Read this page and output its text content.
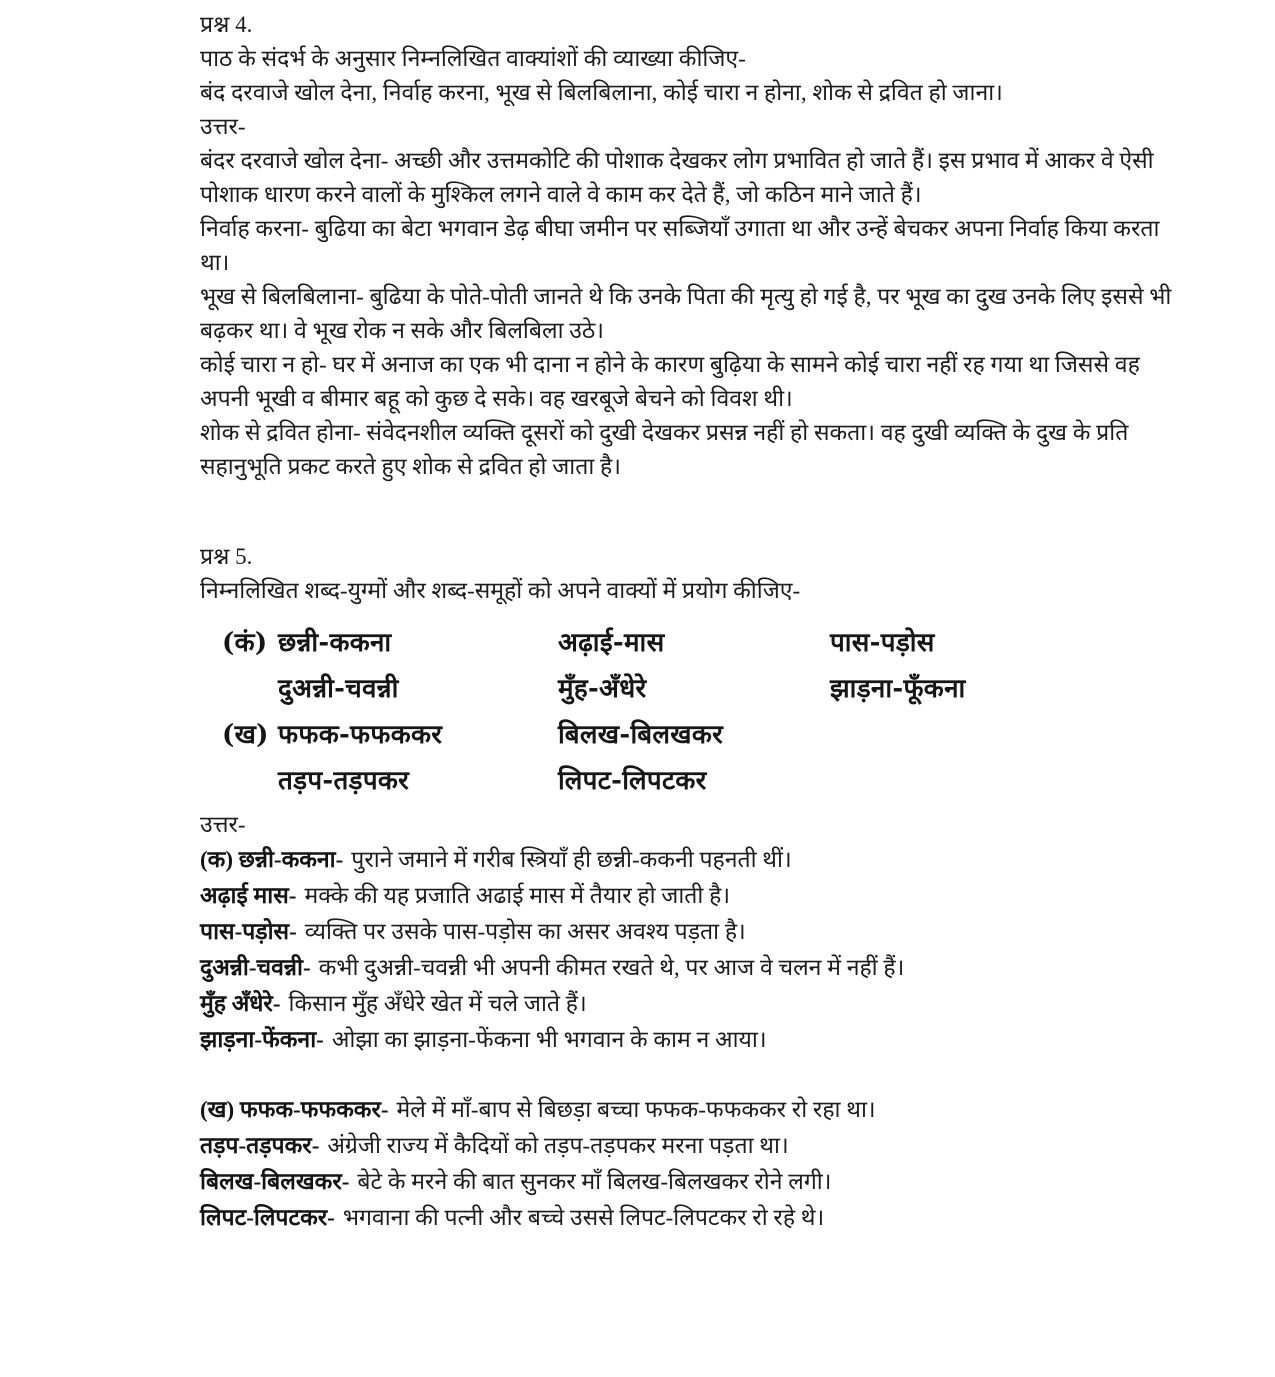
प्रश्न 4.
पाठ के संदर्भ के अनुसार निम्नलिखित वाक्यांशों की व्याख्या कीजिए-
बंद दरवाजे खोल देना, निर्वाह करना, भूख से बिलबिलाना, कोई चारा न होना, शोक से द्रवित हो जाना।
उत्तर-

बंदर दरवाजे खोल देना- अच्छी और उत्तमकोटि की पोशाक देखकर लोग प्रभावित हो जाते हैं। इस प्रभाव में आकर वे ऐसी पोशाक धारण करने वालों के मुश्किल लगने वाले वे काम कर देते हैं, जो कठिन माने जाते हैं।

निर्वाह करना- बुढिया का बेटा भगवान डेढ़ बीघा जमीन पर सब्जियाँ उगाता था और उन्हें बेचकर अपना निर्वाह किया करता था।

भूख से बिलबिलाना- बुढिया के पोते-पोती जानते थे कि उनके पिता की मृत्यु हो गई है, पर भूख का दुख उनके लिए इससे भी बढ़कर था। वे भूख रोक न सके और बिलबिला उठे।

कोई चारा न हो- घर में अनाज का एक भी दाना न होने के कारण बुढ़िया के सामने कोई चारा नहीं रह गया था जिससे वह अपनी भूखी व बीमार बहू को कुछ दे सके। वह खरबूजे बेचने को विवश थी।

शोक से द्रवित होना- संवेदनशील व्यक्ति दूसरों को दुखी देखकर प्रसन्न नहीं हो सकता। वह दुखी व्यक्ति के दुख के प्रति सहानुभूति प्रकट करते हुए शोक से द्रवित हो जाता है।

प्रश्न 5.
निम्नलिखित शब्द-युग्मों और शब्द-समूहों को अपने वाक्यों में प्रयोग कीजिए-
(कं) छन्नी-ककना	अढ़ाई-मास	पास-पड़ोस
दुअन्नी-चवन्नी	मुँह-अँधेरे	झाड़ना-फूँकना
(ख) फफक-फफककर	बिलख-बिलखकर
तड़प-तड़पकर	लिपट-लिपटकर
उत्तर-
(क) छन्नी-ककना- पुराने जमाने में गरीब स्त्रियाँ ही छन्नी-ककनी पहनती थीं।
अढ़ाई मास- मक्के की यह प्रजाति अढाई मास में तैयार हो जाती है।
पास-पड़ोस- व्यक्ति पर उसके पास-पड़ोस का असर अवश्य पड़ता है।
दुअन्नी-चवन्नी- कभी दुअन्नी-चवन्नी भी अपनी कीमत रखते थे, पर आज वे चलन में नहीं हैं।
मुँह अँधेरे- किसान मुँह अँधेरे खेत में चले जाते हैं।
झाड़ना-फेंकना- ओझा का झाड़ना-फेंकना भी भगवान के काम न आया।
(ख) फफक-फफककर- मेले में माँ-बाप से बिछड़ा बच्चा फफक-फफककर रो रहा था।
तड़प-तड़पकर- अंग्रेजी राज्य में कैदियों को तड़प-तड़पकर मरना पड़ता था।
बिलख-बिलखकर- बेटे के मरने की बात सुनकर माँ बिलख-बिलखकर रोने लगी।
लिपट-लिपटकर- भगवाना की पत्नी और बच्चे उससे लिपट-लिपटकर रो रहे थे।
